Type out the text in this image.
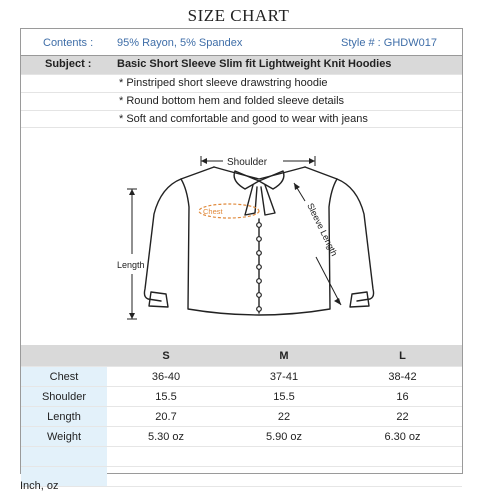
SIZE CHART
Contents : 95% Rayon, 5% Spandex	Style # : GHDW017
Subject : Basic Short Sleeve Slim fit Lightweight Knit Hoodies
* Pinstriped short sleeve drawstring hoodie
* Round bottom hem and folded sleeve details
* Soft and comfortable and good to wear with jeans
Shoulder
Chest
Length
Sleeve Length
	S	M	L
Chest	36-40	37-41	38-42
Shoulder	15.5	15.5	16
Length	20.7	22	22
Weight	5.30 oz	5.90 oz	6.30 oz

Inch, oz
